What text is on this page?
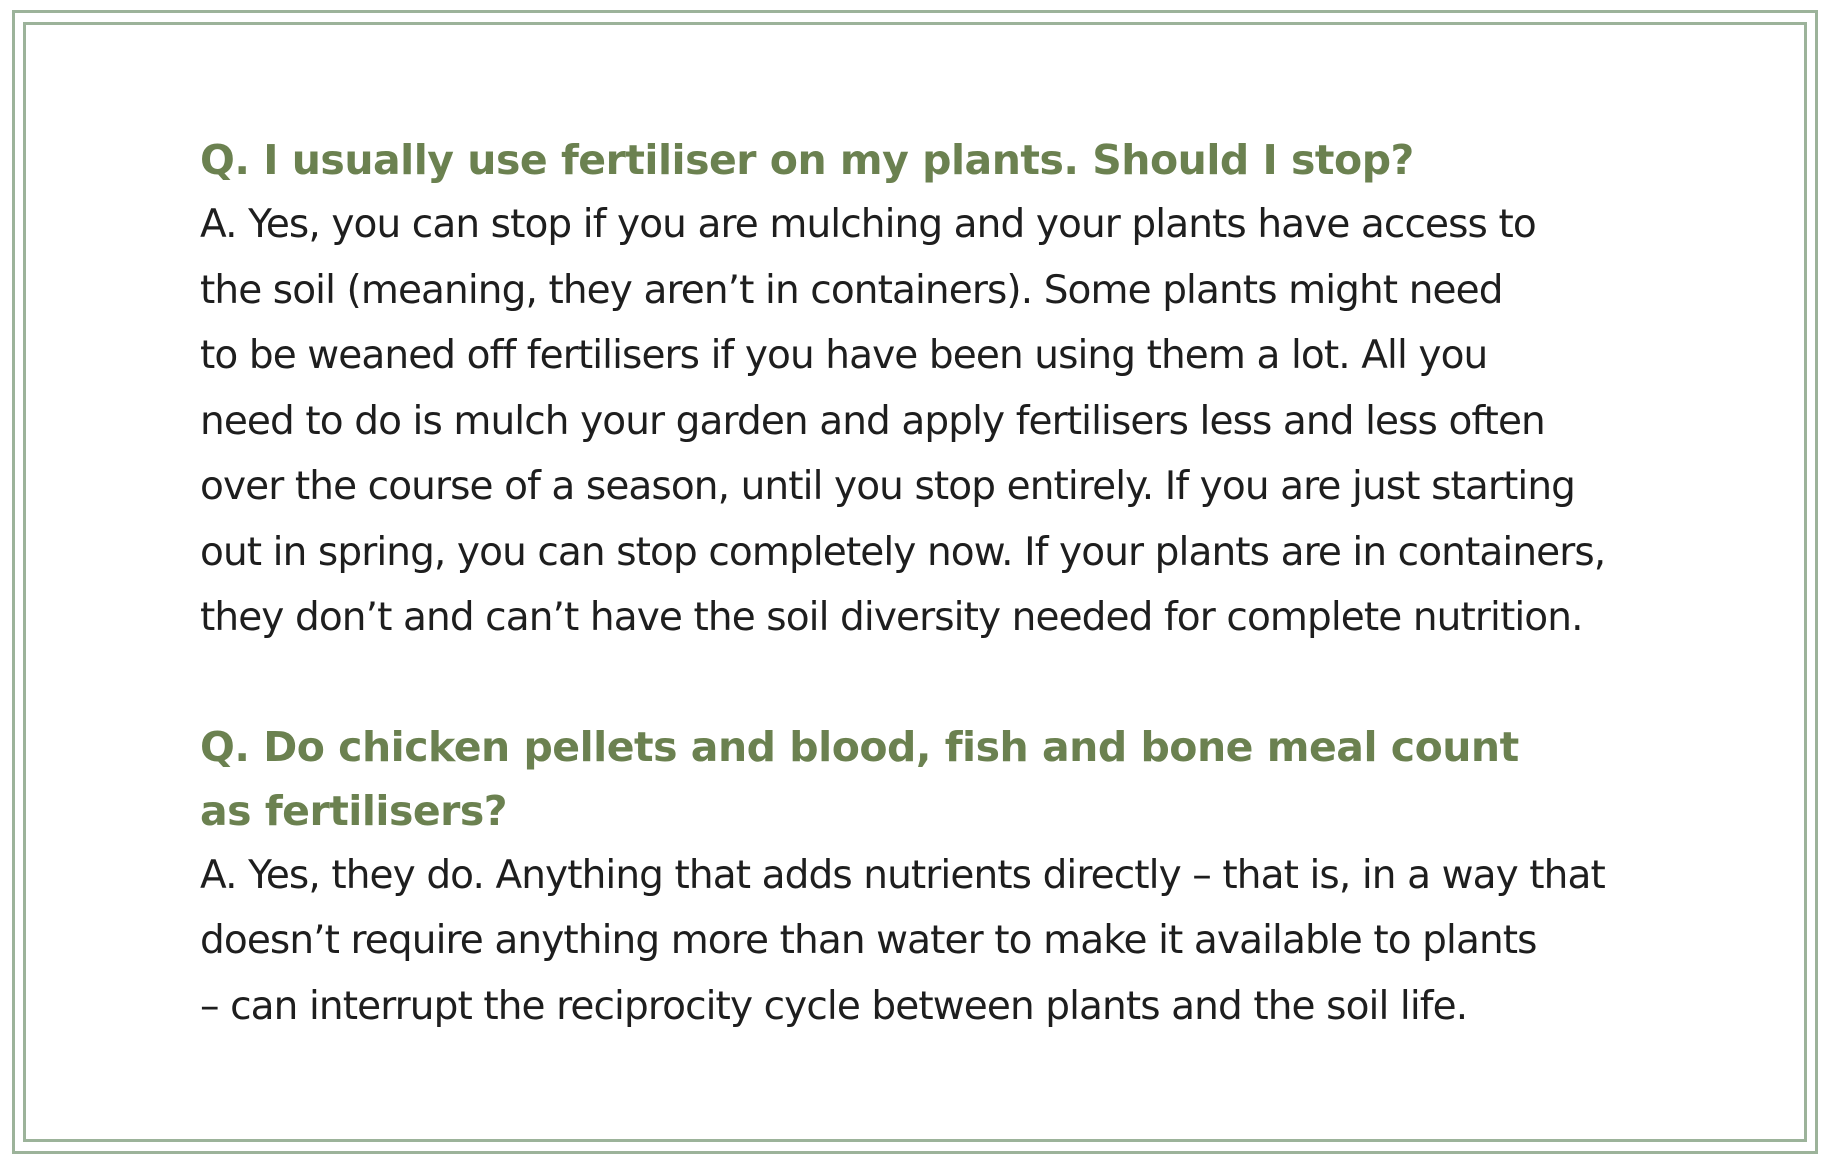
Q. I usually use fertiliser on my plants. Should I stop?

A. Yes, you can stop if you are mulching and your plants have access to
the soil (meaning, they aren’t in containers). Some plants might need
to be weaned off fertilisers if you have been using them a lot. All you
need to do is mulch your garden and apply fertilisers less and less often
over the course of a season, until you stop entirely. If you are just starting
out in spring, you can stop completely now. If your plants are in containers,
they don’t and can’t have the soil diversity needed for complete nutrition.

Q. Do chicken pellets and blood, fish and bone meal count
as fertilisers?

A. Yes, they do. Anything that adds nutrients directly – that is, in a way that
doesn’t require anything more than water to make it available to plants
– can interrupt the reciprocity cycle between plants and the soil life.
